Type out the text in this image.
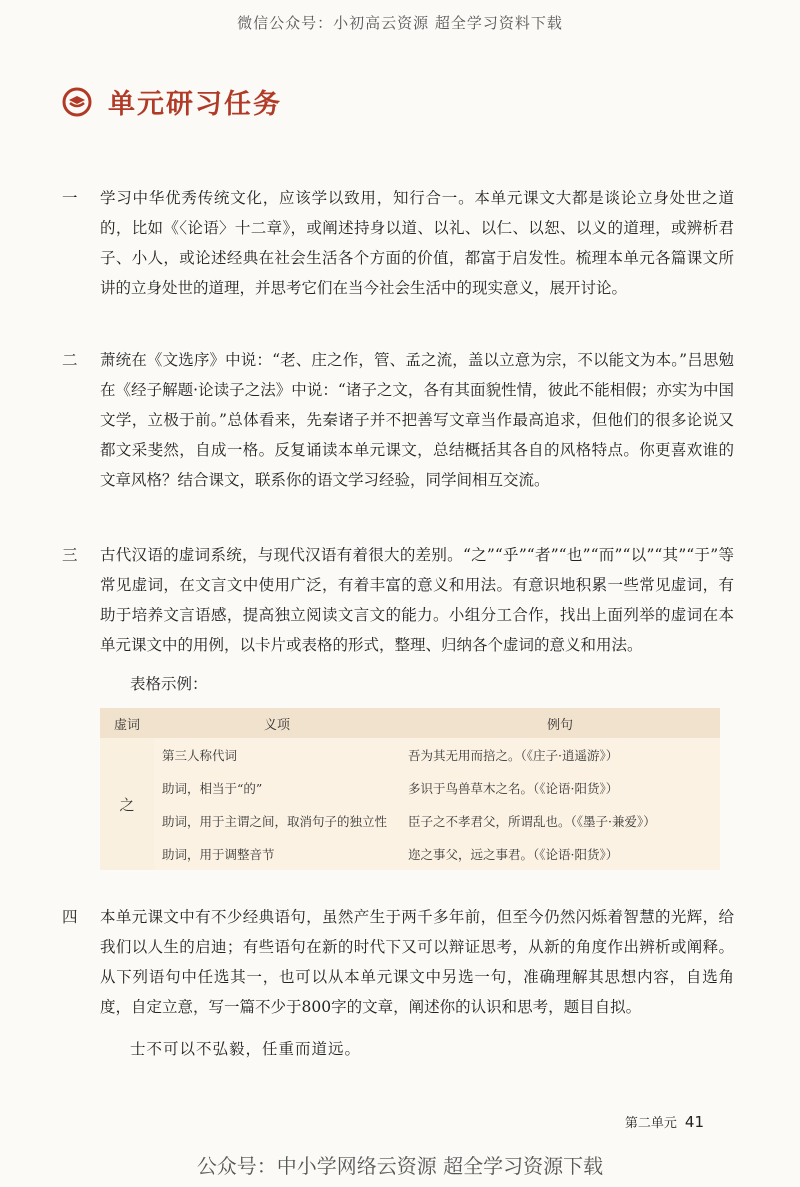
微信公众号：小初高云资源 超全学习资料下载
单元研习任务
一	学习中华优秀传统文化，应该学以致用，知行合一。本单元课文大都是谈论立身处世之道的，比如《〈论语〉十二章》，或阐述持身以道、以礼、以仁、以恕、以义的道理，或辨析君子、小人，或论述经典在社会生活各个方面的价值，都富于启发性。梳理本单元各篇课文所讲的立身处世的道理，并思考它们在当今社会生活中的现实意义，展开讨论。
二	萧统在《文选序》中说：“老、庄之作，管、孟之流，盖以立意为宗，不以能文为本。”吕思勉在《经子解题·论读子之法》中说：“诸子之文，各有其面貌性情，彼此不能相假；亦实为中国文学，立极于前。”总体看来，先秦诸子并不把善写文章当作最高追求，但他们的很多论说又都文采斐然，自成一格。反复诵读本单元课文，总结概括其各自的风格特点。你更喜欢谁的文章风格？结合课文，联系你的语文学习经验，同学间相互交流。
三	古代汉语的虚词系统，与现代汉语有着很大的差别。“之”“乎”“者”“也”“而”“以”“其”“于”等常见虚词，在文言文中使用广泛，有着丰富的意义和用法。有意识地积累一些常见虚词，有助于培养文言语感，提高独立阅读文言文的能力。小组分工合作，找出上面列举的虚词在本单元课文中的用例，以卡片或表格的形式，整理、归纳各个虚词的意义和用法。
表格示例：
虚词	义项	例句
之	第三人称代词	吾为其无用而掊之。（《庄子·逍遥游》）
	助词，相当于“的”	多识于鸟兽草木之名。（《论语·阳货》）
	助词，用于主谓之间，取消句子的独立性	臣子之不孝君父，所谓乱也。（《墨子·兼爱》）
	助词，用于调整音节	迩之事父，远之事君。（《论语·阳货》）
四	本单元课文中有不少经典语句，虽然产生于两千多年前，但至今仍然闪烁着智慧的光辉，给我们以人生的启迪；有些语句在新的时代下又可以辩证思考，从新的角度作出辨析或阐释。从下列语句中任选其一，也可以从本单元课文中另选一句，准确理解其思想内容，自选角度，自定立意，写一篇不少于800字的文章，阐述你的认识和思考，题目自拟。
士不可以不弘毅，任重而道远。
第二单元 41
公众号：中小学网络云资源 超全学习资源下载
